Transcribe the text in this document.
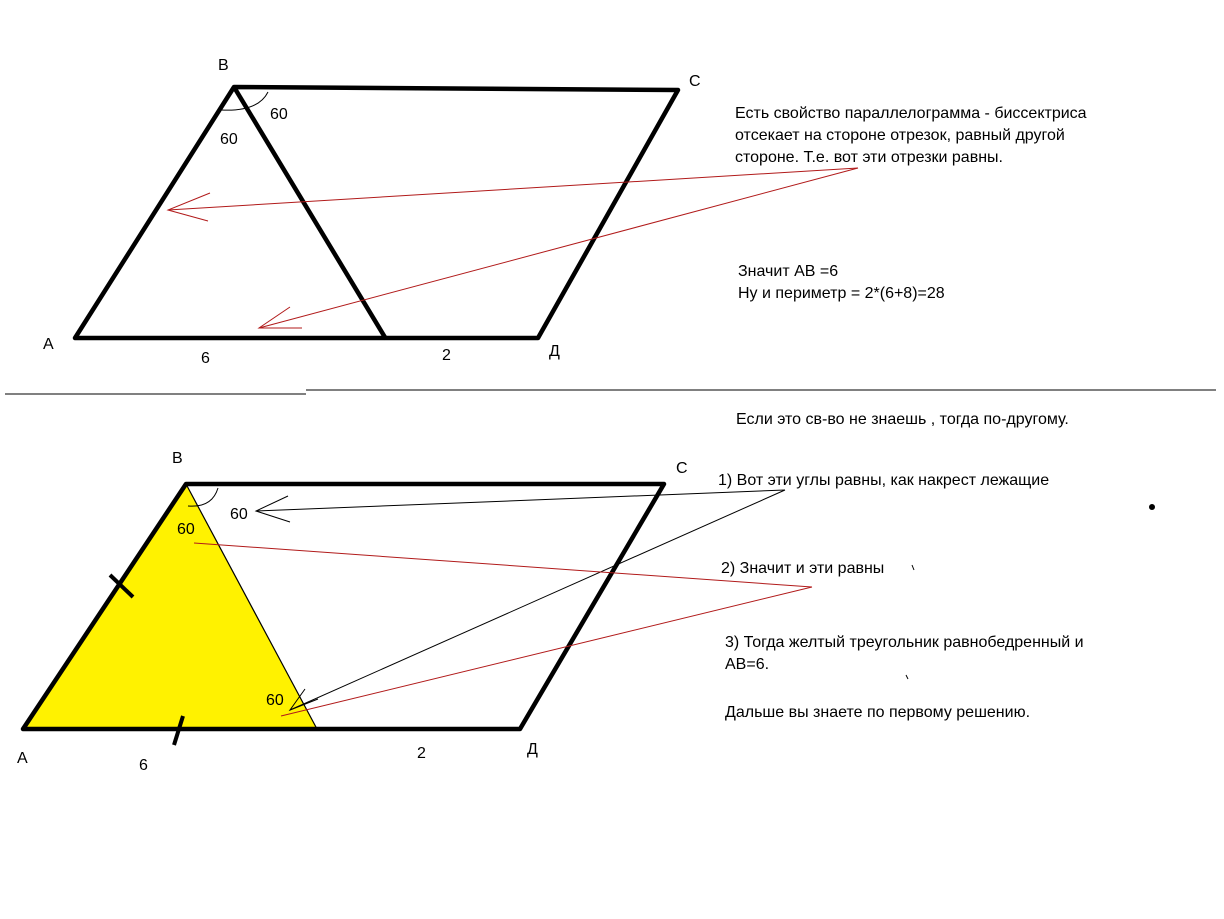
В
С
А	Д
60
60
6	2

Есть свойство параллелограмма - биссектриса

отсекает на стороне отрезок, равный другой

стороне. Т.е. вот эти отрезки равны.

Значит АВ =6

Ну и периметр = 2*(6+8)=28

Если это св-во не знаешь , тогда по-другому.

В
С
А
Д
60
60
60
6
2

1) Вот эти углы равны, как накрест лежащие

2) Значит и эти равны

3) Тогда желтый треугольник равнобедренный и

АВ=6.

Дальше вы знаете по первому решению.
